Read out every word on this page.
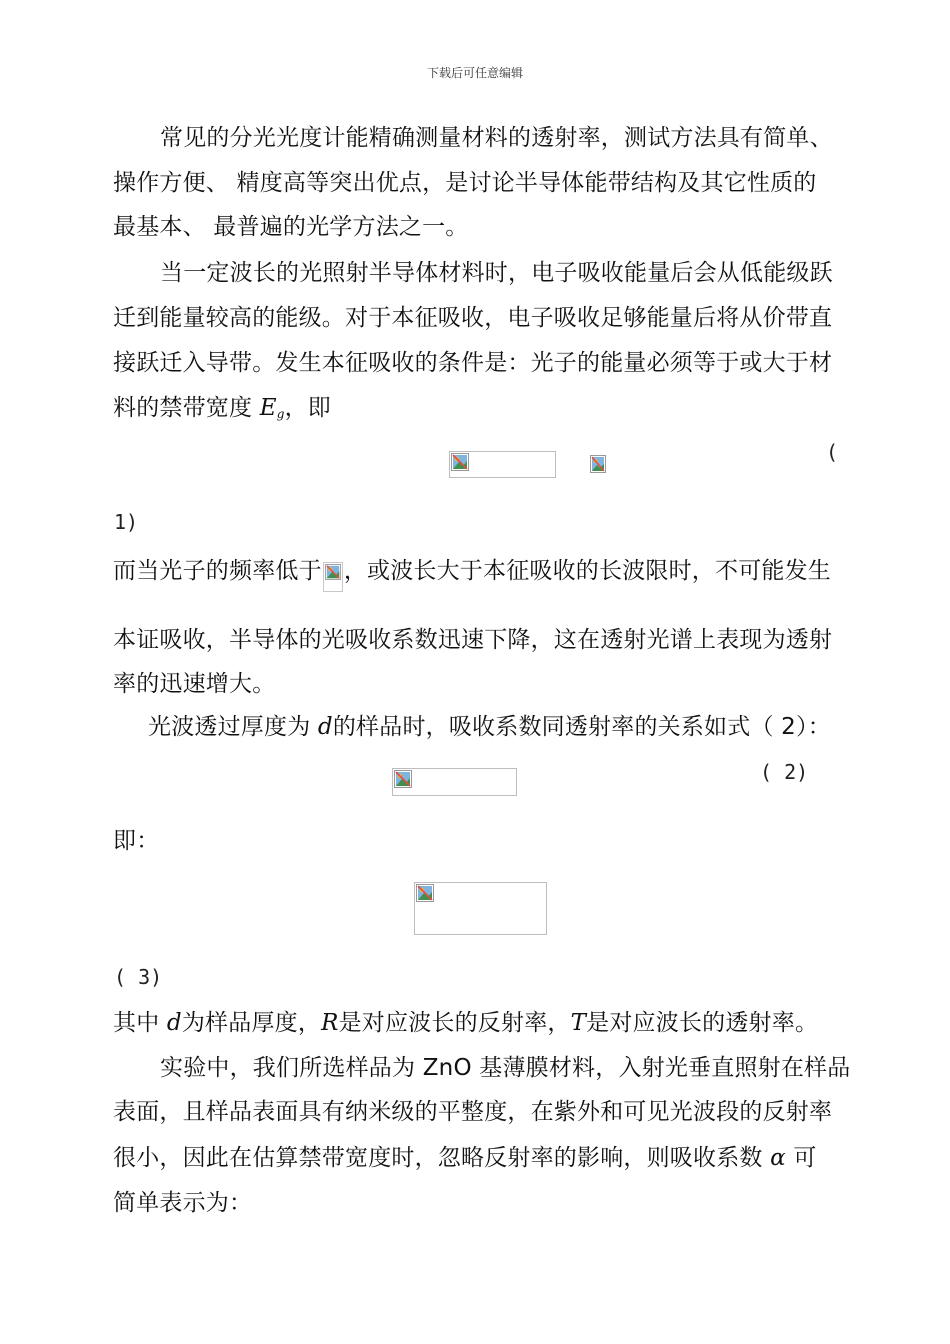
下载后可任意编辑
常见的分光光度计能精确测量材料的透射率，测试方法具有简单、
操作方便、 精度高等突出优点，是讨论半导体能带结构及其它性质的
最基本、 最普遍的光学方法之一。
当一定波长的光照射半导体材料时，电子吸收能量后会从低能级跃
迁到能量较高的能级。对于本征吸收，电子吸收足够能量后将从价带直
接跃迁入导带。发生本征吸收的条件是：光子的能量必须等于或大于材
料的禁带宽度 $E_g$，即
(
1)
而当光子的频率低于 ，或波长大于本征吸收的长波限时，不可能发生
本证吸收，半导体的光吸收系数迅速下降，这在透射光谱上表现为透射
率的迅速增大。
光波透过厚度为 d的样品时，吸收系数同透射率的关系如式（ 2）：
( 2)
即：
( 3)
其中 d为样品厚度，R是对应波长的反射率，T是对应波长的透射率。
实验中，我们所选样品为 ZnO 基薄膜材料，入射光垂直照射在样品
表面，且样品表面具有纳米级的平整度，在紫外和可见光波段的反射率
很小，因此在估算禁带宽度时，忽略反射率的影响，则吸收系数 α 可
简单表示为：
